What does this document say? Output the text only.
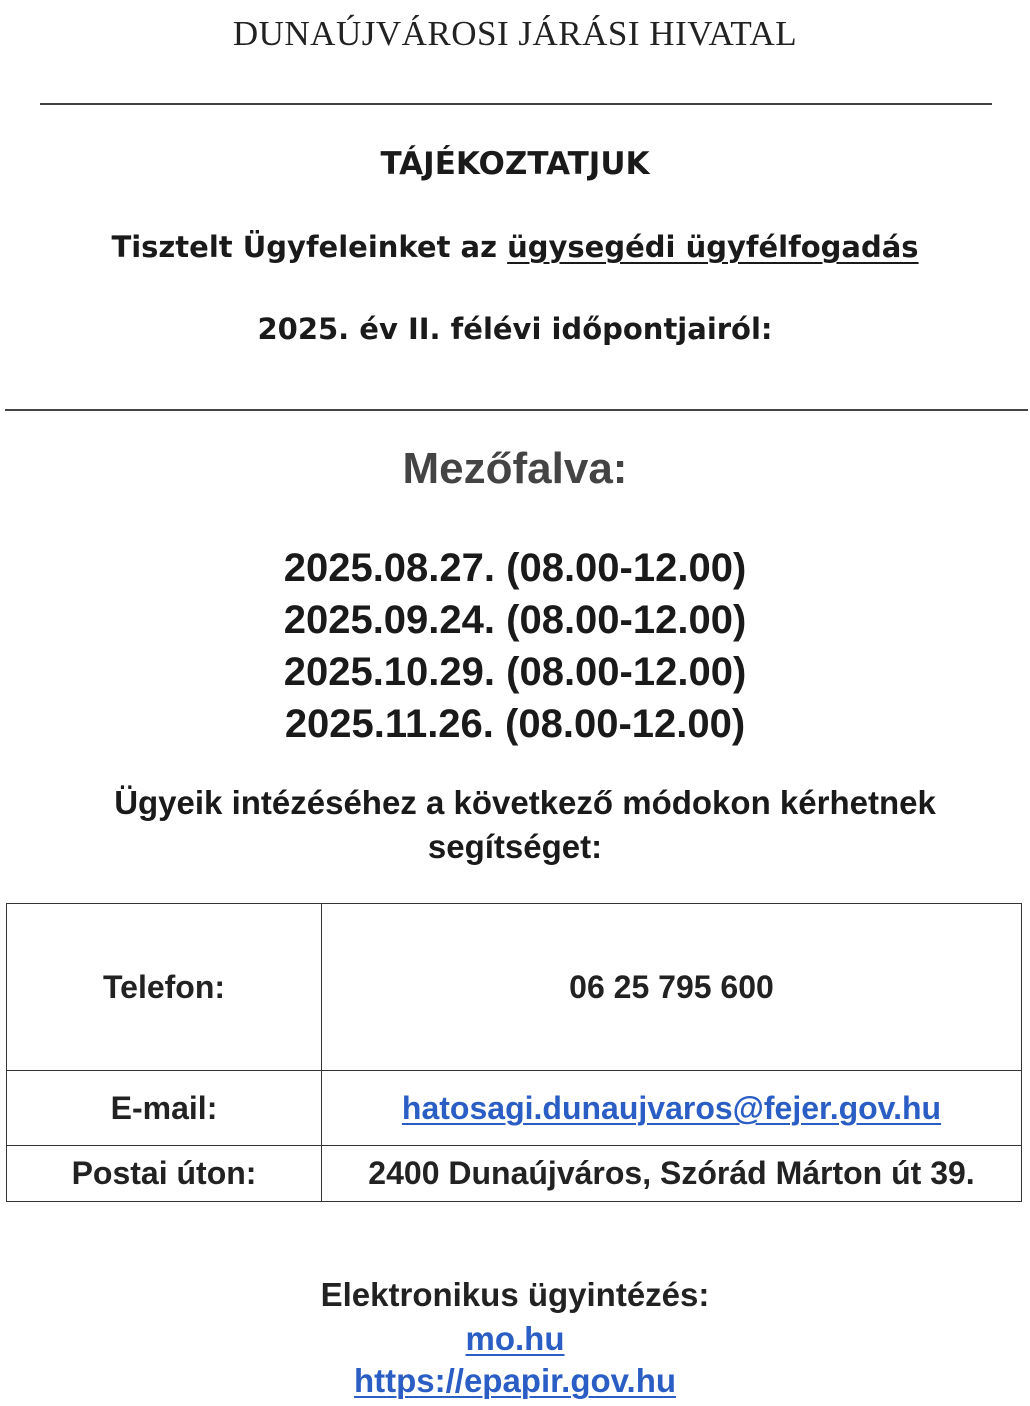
DUNAÚJVÁROSI JÁRÁSI HIVATAL
TÁJÉKOZTATJUK
Tisztelt Ügyfeleinket az ügysegédi ügyfélfogadás
2025. év II. félévi időpontjairól:
Mezőfalva:
2025.08.27. (08.00-12.00)
2025.09.24. (08.00-12.00)
2025.10.29. (08.00-12.00)
2025.11.26. (08.00-12.00)
Ügyeik intézéséhez a következő módokon kérhetnek
segítséget:
Telefon:	06 25 795 600
E-mail:	hatosagi.dunaujvaros@fejer.gov.hu
Postai úton:	2400 Dunaújváros, Szórád Márton út 39.
Elektronikus ügyintézés:
mo.hu
https://epapir.gov.hu
